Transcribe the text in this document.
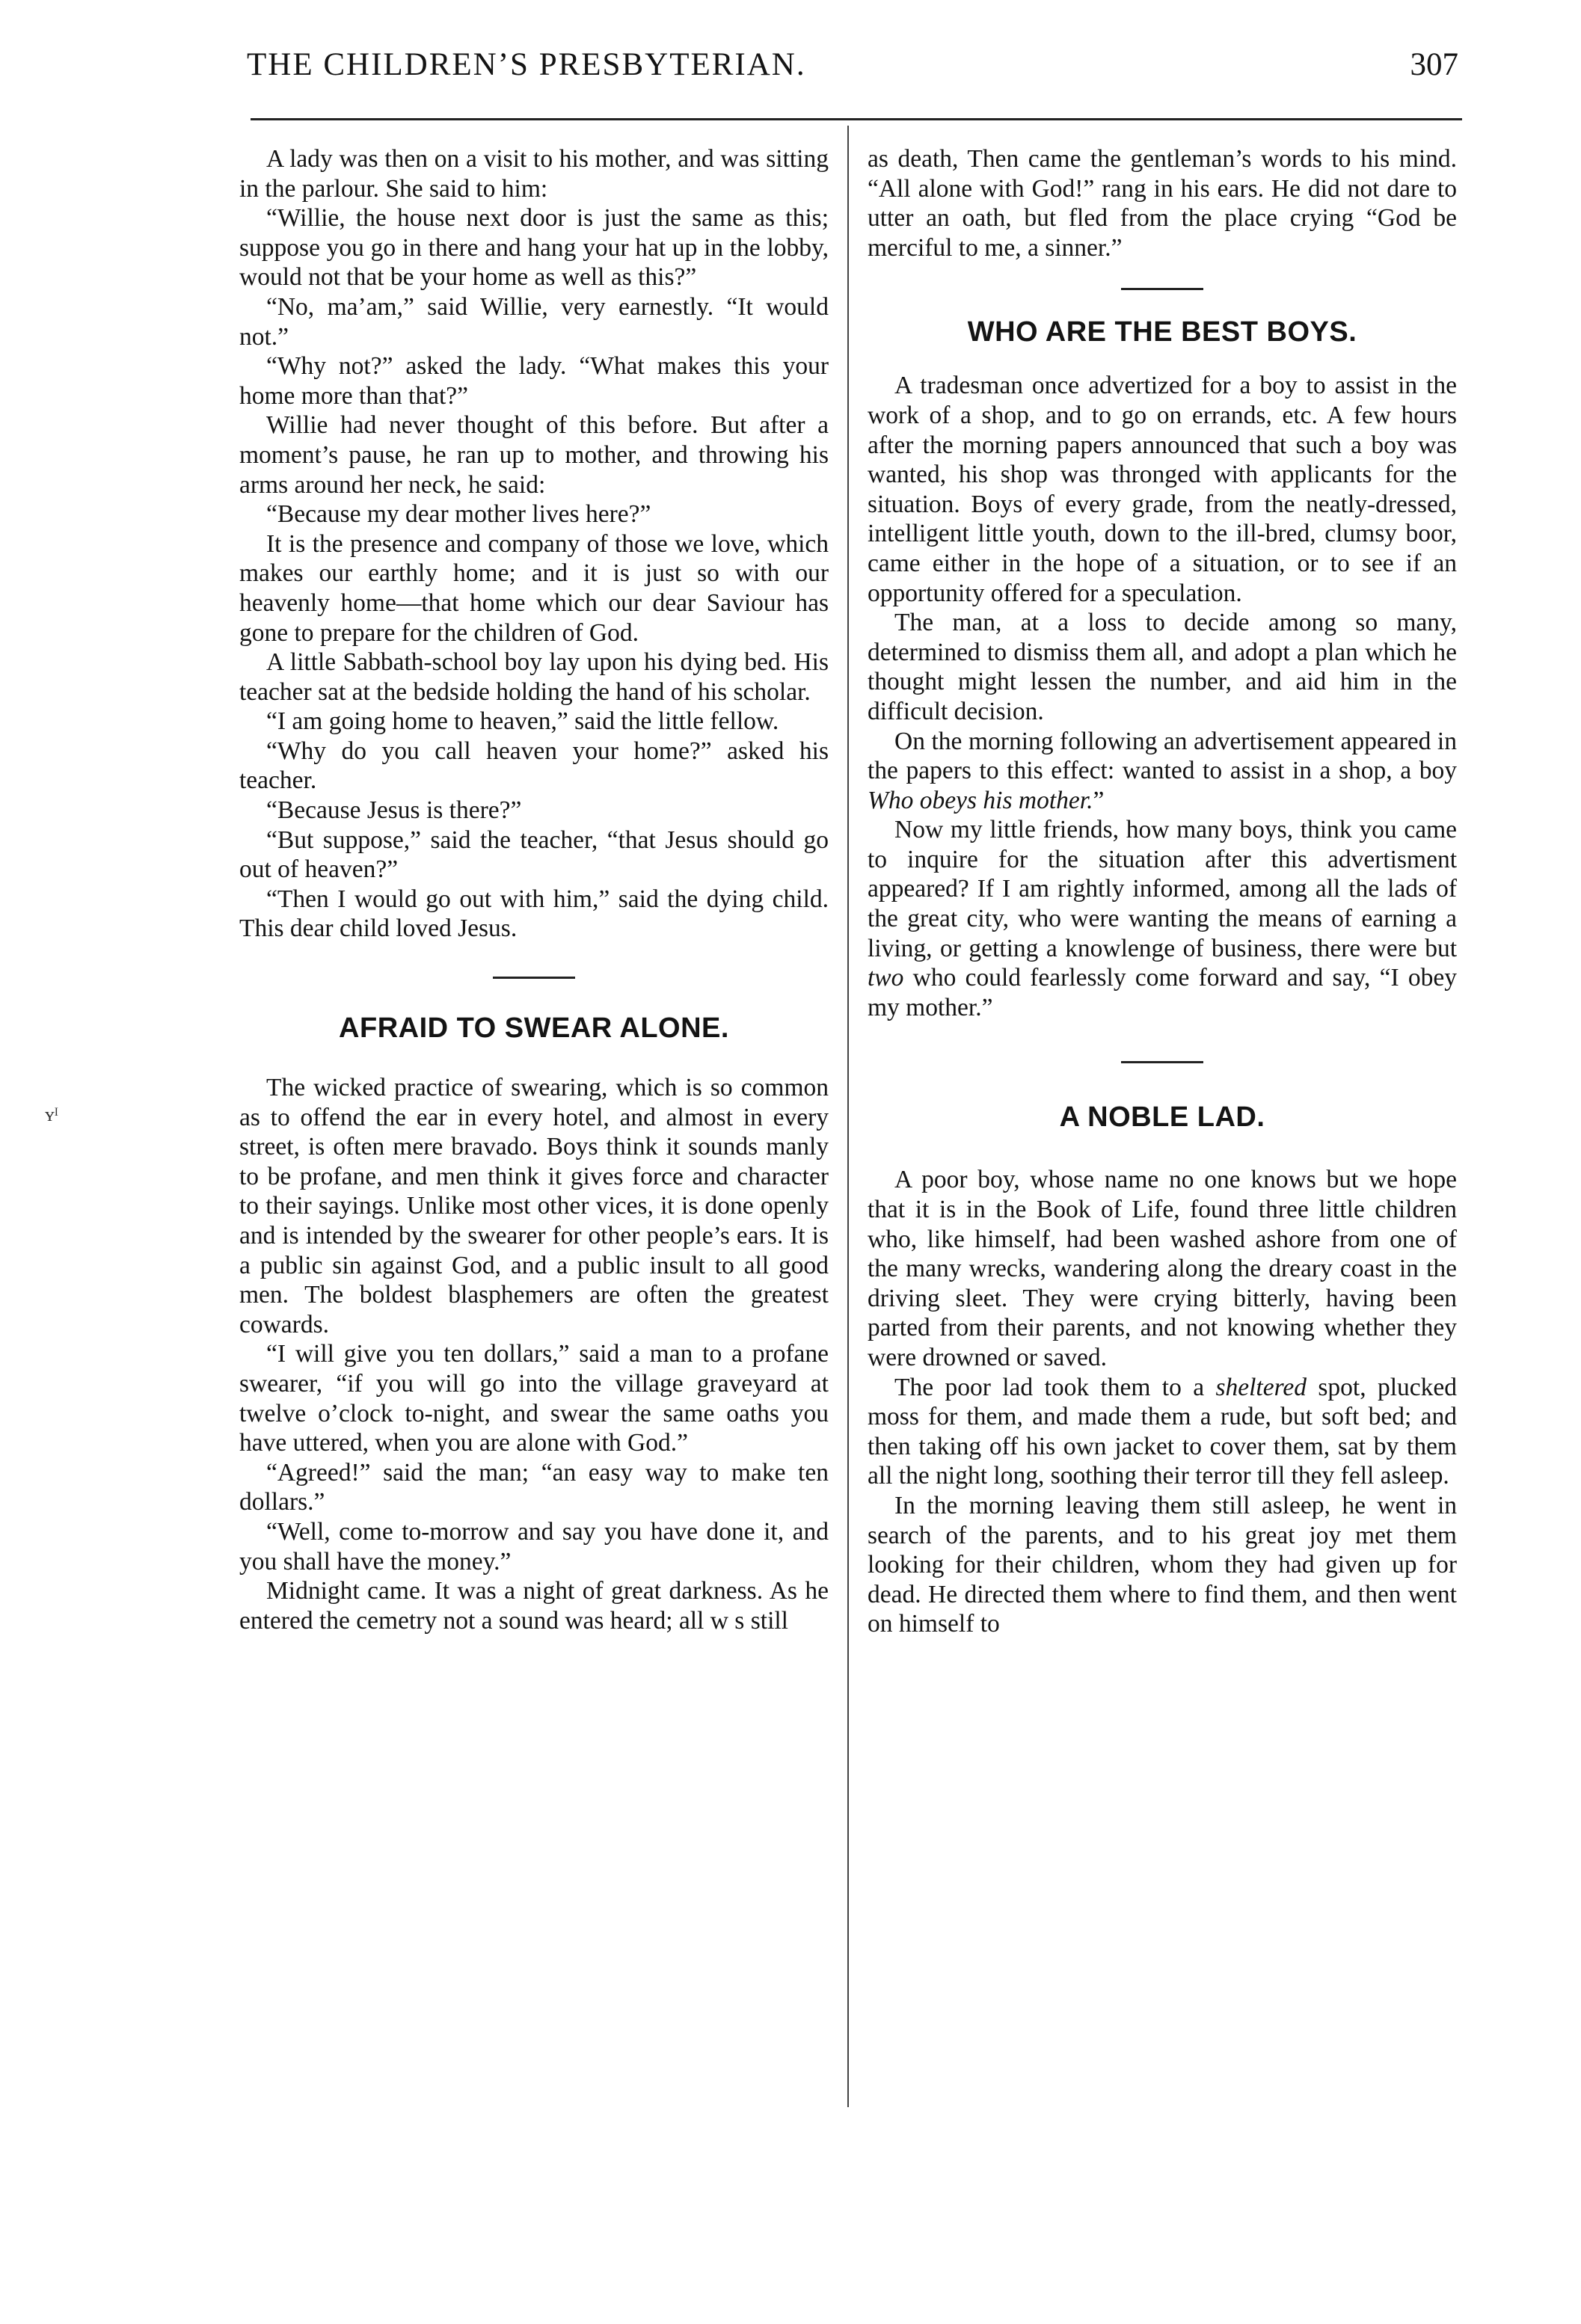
THE CHILDREN’S PRESBYTERIAN.	307
ʏᴵ

A lady was then on a visit to his mother, and was sitting in the parlour. She said to him:

“Willie, the house next door is just the same as this; suppose you go in there and hang your hat up in the lobby, would not that be your home as well as this?”

“No, ma’am,” said Willie, very earnestly. “It would not.”

“Why not?” asked the lady. “What makes this your home more than that?”

Willie had never thought of this before. But after a moment’s pause, he ran up to mother, and throwing his arms around her neck, he said:

“Because my dear mother lives here?”

It is the presence and company of those we love, which makes our earthly home; and it is just so with our heavenly home—that home which our dear Saviour has gone to prepare for the children of God.

A little Sabbath-school boy lay upon his dying bed. His teacher sat at the bedside holding the hand of his scholar.

“I am going home to heaven,” said the little fellow.

“Why do you call heaven your home?” asked his teacher.

“Because Jesus is there?”

“But suppose,” said the teacher, “that Jesus should go out of heaven?”

“Then I would go out with him,” said the dying child. This dear child loved Jesus.

AFRAID TO SWEAR ALONE.

The wicked practice of swearing, which is so common as to offend the ear in every hotel, and almost in every street, is often mere bravado. Boys think it sounds manly to be profane, and men think it gives force and character to their sayings. Unlike most other vices, it is done openly and is intended by the swearer for other people’s ears. It is a public sin against God, and a public insult to all good men. The boldest blasphemers are often the greatest cowards.

“I will give you ten dollars,” said a man to a profane swearer, “if you will go into the village graveyard at twelve o’clock to-night, and swear the same oaths you have uttered, when you are alone with God.”

“Agreed!” said the man; “an easy way to make ten dollars.”

“Well, come to-morrow and say you have done it, and you shall have the money.”

Midnight came. It was a night of great darkness. As he entered the cemetry not a sound was heard; all w s still

as death, Then came the gentleman’s words to his mind. “All alone with God!” rang in his ears. He did not dare to utter an oath, but fled from the place crying “God be merciful to me, a sinner.”

WHO ARE THE BEST BOYS.

A tradesman once advertized for a boy to assist in the work of a shop, and to go on errands, etc. A few hours after the morning papers announced that such a boy was wanted, his shop was thronged with applicants for the situation. Boys of every grade, from the neatly-dressed, intelligent little youth, down to the ill-bred, clumsy boor, came either in the hope of a situation, or to see if an opportunity offered for a speculation.

The man, at a loss to decide among so many, determined to dismiss them all, and adopt a plan which he thought might lessen the number, and aid him in the difficult decision.

On the morning following an advertisement appeared in the papers to this effect: wanted to assist in a shop, a boy Who obeys his mother.”

Now my little friends, how many boys, think you came to inquire for the situation after this advertisment appeared? If I am rightly informed, among all the lads of the great city, who were wanting the means of earning a living, or getting a knowlenge of business, there were but two who could fearlessly come forward and say, “I obey my mother.”

A NOBLE LAD.

A poor boy, whose name no one knows but we hope that it is in the Book of Life, found three little children who, like himself, had been washed ashore from one of the many wrecks, wandering along the dreary coast in the driving sleet. They were crying bitterly, having been parted from their parents, and not knowing whether they were drowned or saved.

The poor lad took them to a sheltered spot, plucked moss for them, and made them a rude, but soft bed; and then taking off his own jacket to cover them, sat by them all the night long, soothing their terror till they fell asleep.

In the morning leaving them still asleep, he went in search of the parents, and to his great joy met them looking for their children, whom they had given up for dead. He directed them where to find them, and then went on himself to
